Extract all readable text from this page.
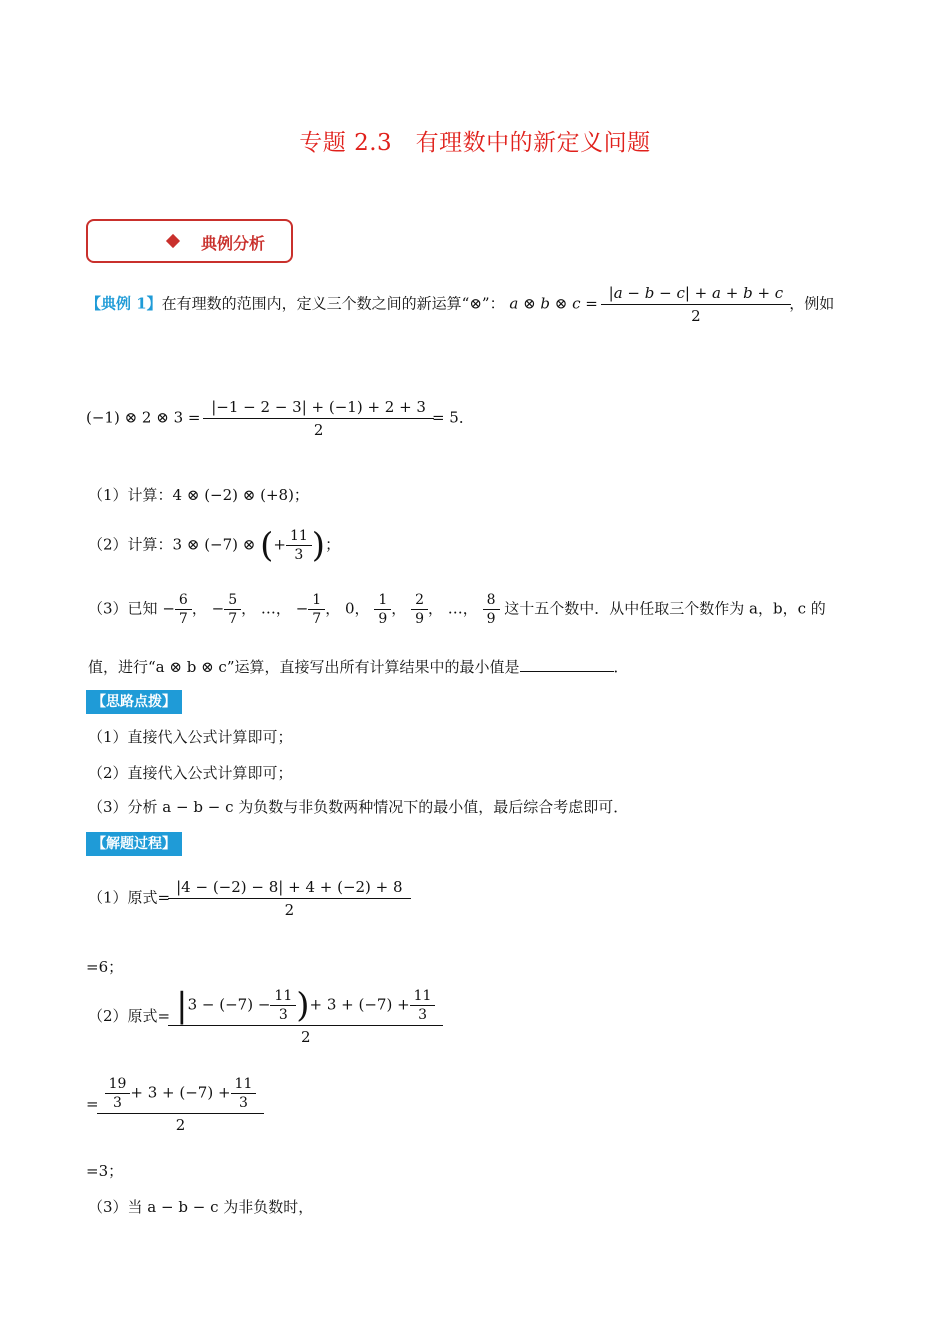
专题 2.3　有理数中的新定义问题
典例分析
【典例 1】在有理数的范围内，定义三个数之间的新运算“⊗”： a ⊗ b ⊗ $c = \frac{|a - b - c| + a + b + c}{2}$ ，例如
(−1) ⊗ 2 ⊗ $3 = \frac{|-1 - 2 - 3| + (-1) + 2 + 3}{2} = 5$．
（1）计算：4 ⊗ (−2) ⊗ (+8)；
（2）计算：3 ⊗ (−7) ⊗ (+ $\frac{11}{3}$ )；
（3）已知 − $\frac{6}{7}$ ， − $\frac{5}{7}$ ， …， − $\frac{1}{7}$ ， 0， $\frac{1}{9}$ ， $\frac{2}{9}$ ， …， $\frac{8}{9}$ 这十五个数中．从中任取三个数作为 a，b，c 的
值，进行“a ⊗ b ⊗ c”运算，直接写出所有计算结果中的最小值是	．
【思路点拨】
（1）直接代入公式计算即可；
（2）直接代入公式计算即可；
（3）分析 a − b − c 为负数与非负数两种情况下的最小值，最后综合考虑即可．
【解题过程】
（1）原式= $\frac{|4 - (-2) - 8| + 4 + (-2) + 8}{2}$
=6；
（2）原式= $\frac{|3 - (-7) - \frac{11}{3} )+ 3 + (-7) + \frac{11}{3}}{2}$
= $\frac{\frac{19}{3} + 3 + (-7) + \frac{11}{3}}{2}$
=3；
（3）当 a − b − c 为非负数时，
